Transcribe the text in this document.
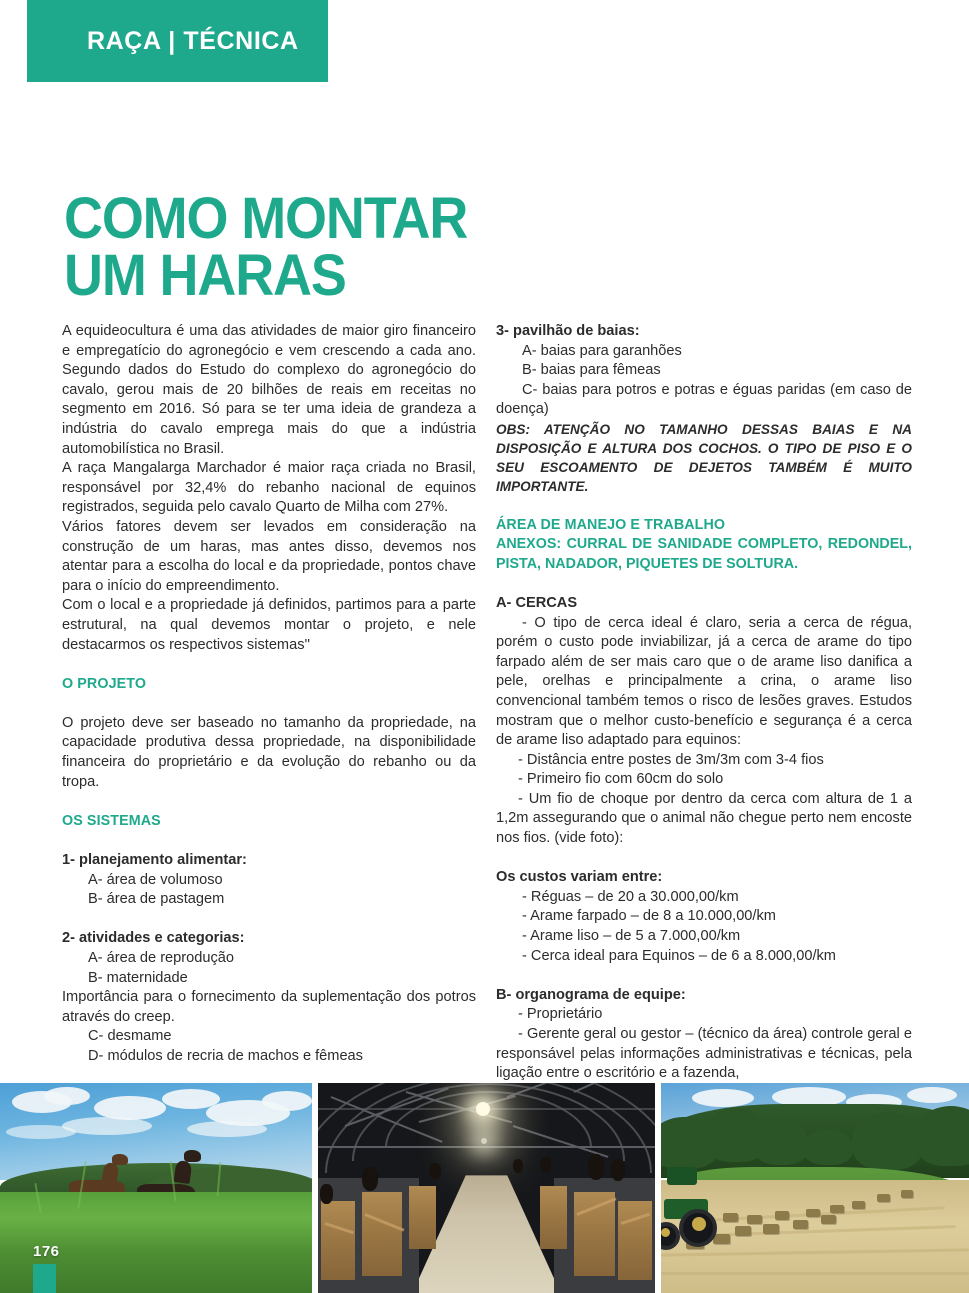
RAÇA | TÉCNICA
COMO MONTAR
UM HARAS

A equideocultura é uma das atividades de maior giro financeiro e empregatício do agronegócio e vem crescendo a cada ano. Segundo dados do Estudo do complexo do agronegócio do cavalo, gerou mais de 20 bilhões de reais em receitas no segmento em 2016. Só para se ter uma ideia de grandeza a indústria do cavalo emprega mais do que a indústria automobilística no Brasil.

A raça Mangalarga Marchador é maior raça criada no Brasil, responsável por 32,4% do rebanho nacional de equinos registrados, seguida pelo cavalo Quarto de Milha com 27%.

Vários fatores devem ser levados em consideração na construção de um haras, mas antes disso, devemos nos atentar para a escolha do local e da propriedade, pontos chave para o início do empreendimento.

Com o local e a propriedade já definidos, partimos para a parte estrutural, na qual devemos montar o projeto, e nele destacarmos os respectivos sistemas''

O PROJETO

O projeto deve ser baseado no tamanho da propriedade, na capacidade produtiva dessa propriedade, na disponibilidade financeira do proprietário e da evolução do rebanho ou da tropa.

OS SISTEMAS

1- planejamento alimentar:

A- área de volumoso

B- área de pastagem

2- atividades e categorias:

A- área de reprodução

B- maternidade

Importância para o fornecimento da suplementação dos potros através do creep.

C- desmame

D- módulos de recria de machos e fêmeas

3- pavilhão de baias:

A- baias para garanhões

B- baias para fêmeas

C- baias para potros e potras e éguas paridas (em caso de doença)

OBS: ATENÇÃO NO TAMANHO DESSAS BAIAS E NA DISPOSIÇÃO E ALTURA DOS COCHOS. O TIPO DE PISO E O SEU ESCOAMENTO DE DEJETOS TAMBÉM É MUITO IMPORTANTE.

ÁREA DE MANEJO E TRABALHO

ANEXOS: CURRAL DE SANIDADE COMPLETO, REDONDEL, PISTA, NADADOR, PIQUETES DE SOLTURA.

A- CERCAS

- O tipo de cerca ideal é claro, seria a cerca de régua, porém o custo pode inviabilizar, já a cerca de arame do tipo farpado além de ser mais caro que o de arame liso danifica a pele, orelhas e principalmente a crina, o arame liso convencional também temos o risco de lesões graves. Estudos mostram que o melhor custo-benefício e segurança é a cerca de arame liso adaptado para equinos:

- Distância entre postes de 3m/3m com 3-4 fios

- Primeiro fio com 60cm do solo

- Um fio de choque por dentro da cerca com altura de 1 a 1,2m assegurando que o animal não chegue perto nem encoste nos fios. (vide foto):

Os custos variam entre:

- Réguas – de 20 a 30.000,00/km

- Arame farpado – de 8 a 10.000,00/km

- Arame liso – de 5 a 7.000,00/km

- Cerca ideal para Equinos – de 6 a 8.000,00/km

B- organograma de equipe:

- Proprietário

- Gerente geral ou gestor – (técnico da área) controle geral e responsável pelas informações administrativas e técnicas, pela ligação entre o escritório e a fazenda,

176
